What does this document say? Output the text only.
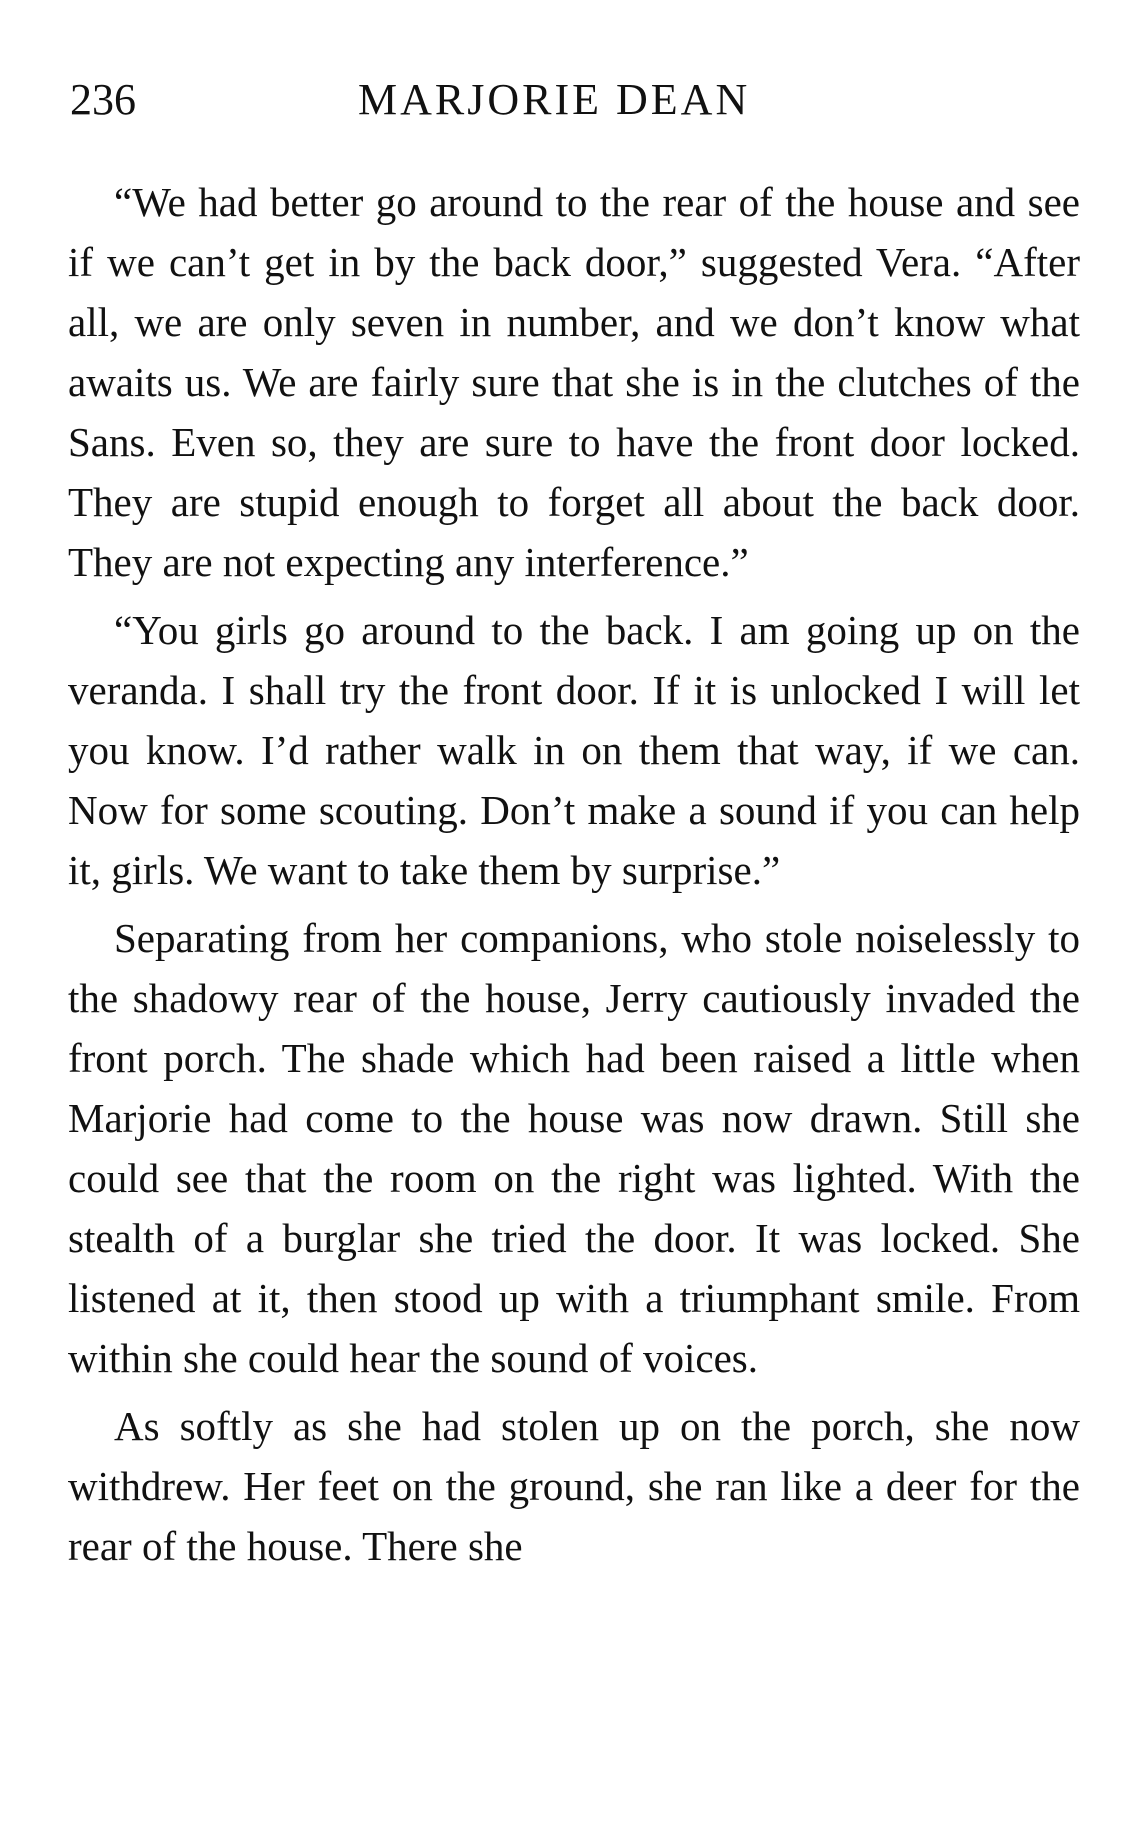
236	MARJORIE DEAN

“We had better go around to the rear of the house and see if we can’t get in by the back door,” suggested Vera. “After all, we are only seven in number, and we don’t know what awaits us. We are fairly sure that she is in the clutches of the Sans. Even so, they are sure to have the front door locked. They are stupid enough to forget all about the back door. They are not expecting any interference.”

“You girls go around to the back. I am going up on the veranda. I shall try the front door. If it is unlocked I will let you know. I’d rather walk in on them that way, if we can. Now for some scouting. Don’t make a sound if you can help it, girls. We want to take them by surprise.”

Separating from her companions, who stole noiselessly to the shadowy rear of the house, Jerry cautiously invaded the front porch. The shade which had been raised a little when Marjorie had come to the house was now drawn. Still she could see that the room on the right was lighted. With the stealth of a burglar she tried the door. It was locked. She listened at it, then stood up with a triumphant smile. From within she could hear the sound of voices.

As softly as she had stolen up on the porch, she now withdrew. Her feet on the ground, she ran like a deer for the rear of the house. There she
